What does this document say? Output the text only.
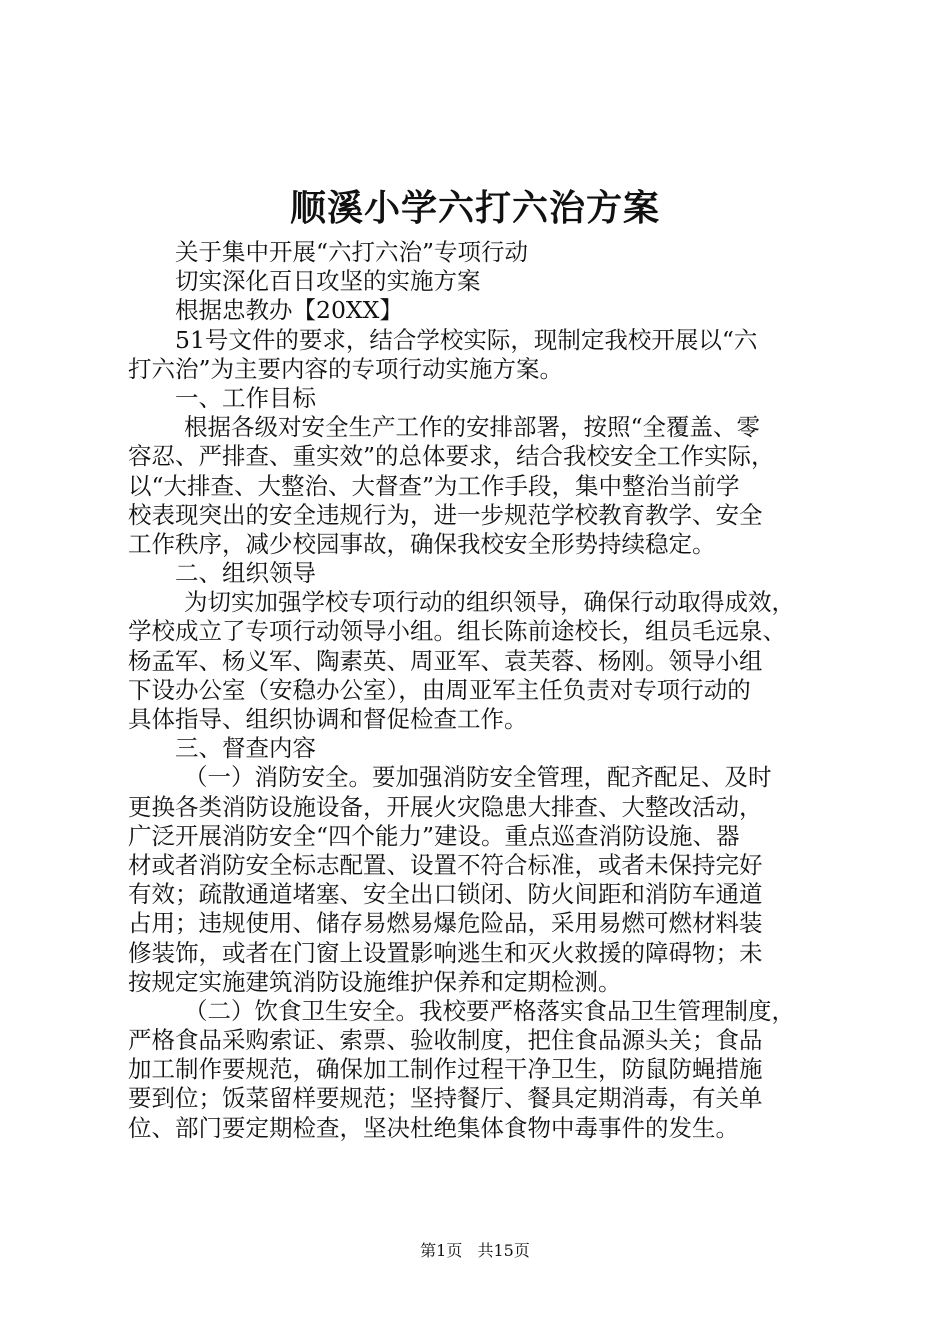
顺溪小学六打六治方案
关于集中开展“六打六治”专项行动
切实深化百日攻坚的实施方案
根据忠教办【20XX】
51号文件的要求，结合学校实际，现制定我校开展以“六
打六治”为主要内容的专项行动实施方案。
一、工作目标
根据各级对安全生产工作的安排部署，按照“全覆盖、零
容忍、严排查、重实效”的总体要求，结合我校安全工作实际，
以“大排查、大整治、大督查”为工作手段，集中整治当前学
校表现突出的安全违规行为，进一步规范学校教育教学、安全
工作秩序，减少校园事故，确保我校安全形势持续稳定。
二、组织领导
为切实加强学校专项行动的组织领导，确保行动取得成效，
学校成立了专项行动领导小组。组长陈前途校长，组员毛远泉、
杨孟军、杨义军、陶素英、周亚军、袁芙蓉、杨刚。领导小组
下设办公室（安稳办公室），由周亚军主任负责对专项行动的
具体指导、组织协调和督促检查工作。
三、督查内容
（一）消防安全。要加强消防安全管理，配齐配足、及时
更换各类消防设施设备，开展火灾隐患大排查、大整改活动，
广泛开展消防安全“四个能力”建设。重点巡查消防设施、器
材或者消防安全标志配置、设置不符合标准，或者未保持完好
有效；疏散通道堵塞、安全出口锁闭、防火间距和消防车通道
占用；违规使用、储存易燃易爆危险品，采用易燃可燃材料装
修装饰，或者在门窗上设置影响逃生和灭火救援的障碍物；未
按规定实施建筑消防设施维护保养和定期检测。
（二）饮食卫生安全。我校要严格落实食品卫生管理制度，
严格食品采购索证、索票、验收制度，把住食品源头关；食品
加工制作要规范，确保加工制作过程干净卫生，防鼠防蝇措施
要到位；饭菜留样要规范；坚持餐厅、餐具定期消毒，有关单
位、部门要定期检查，坚决杜绝集体食物中毒事件的发生。
第1页 共15页
